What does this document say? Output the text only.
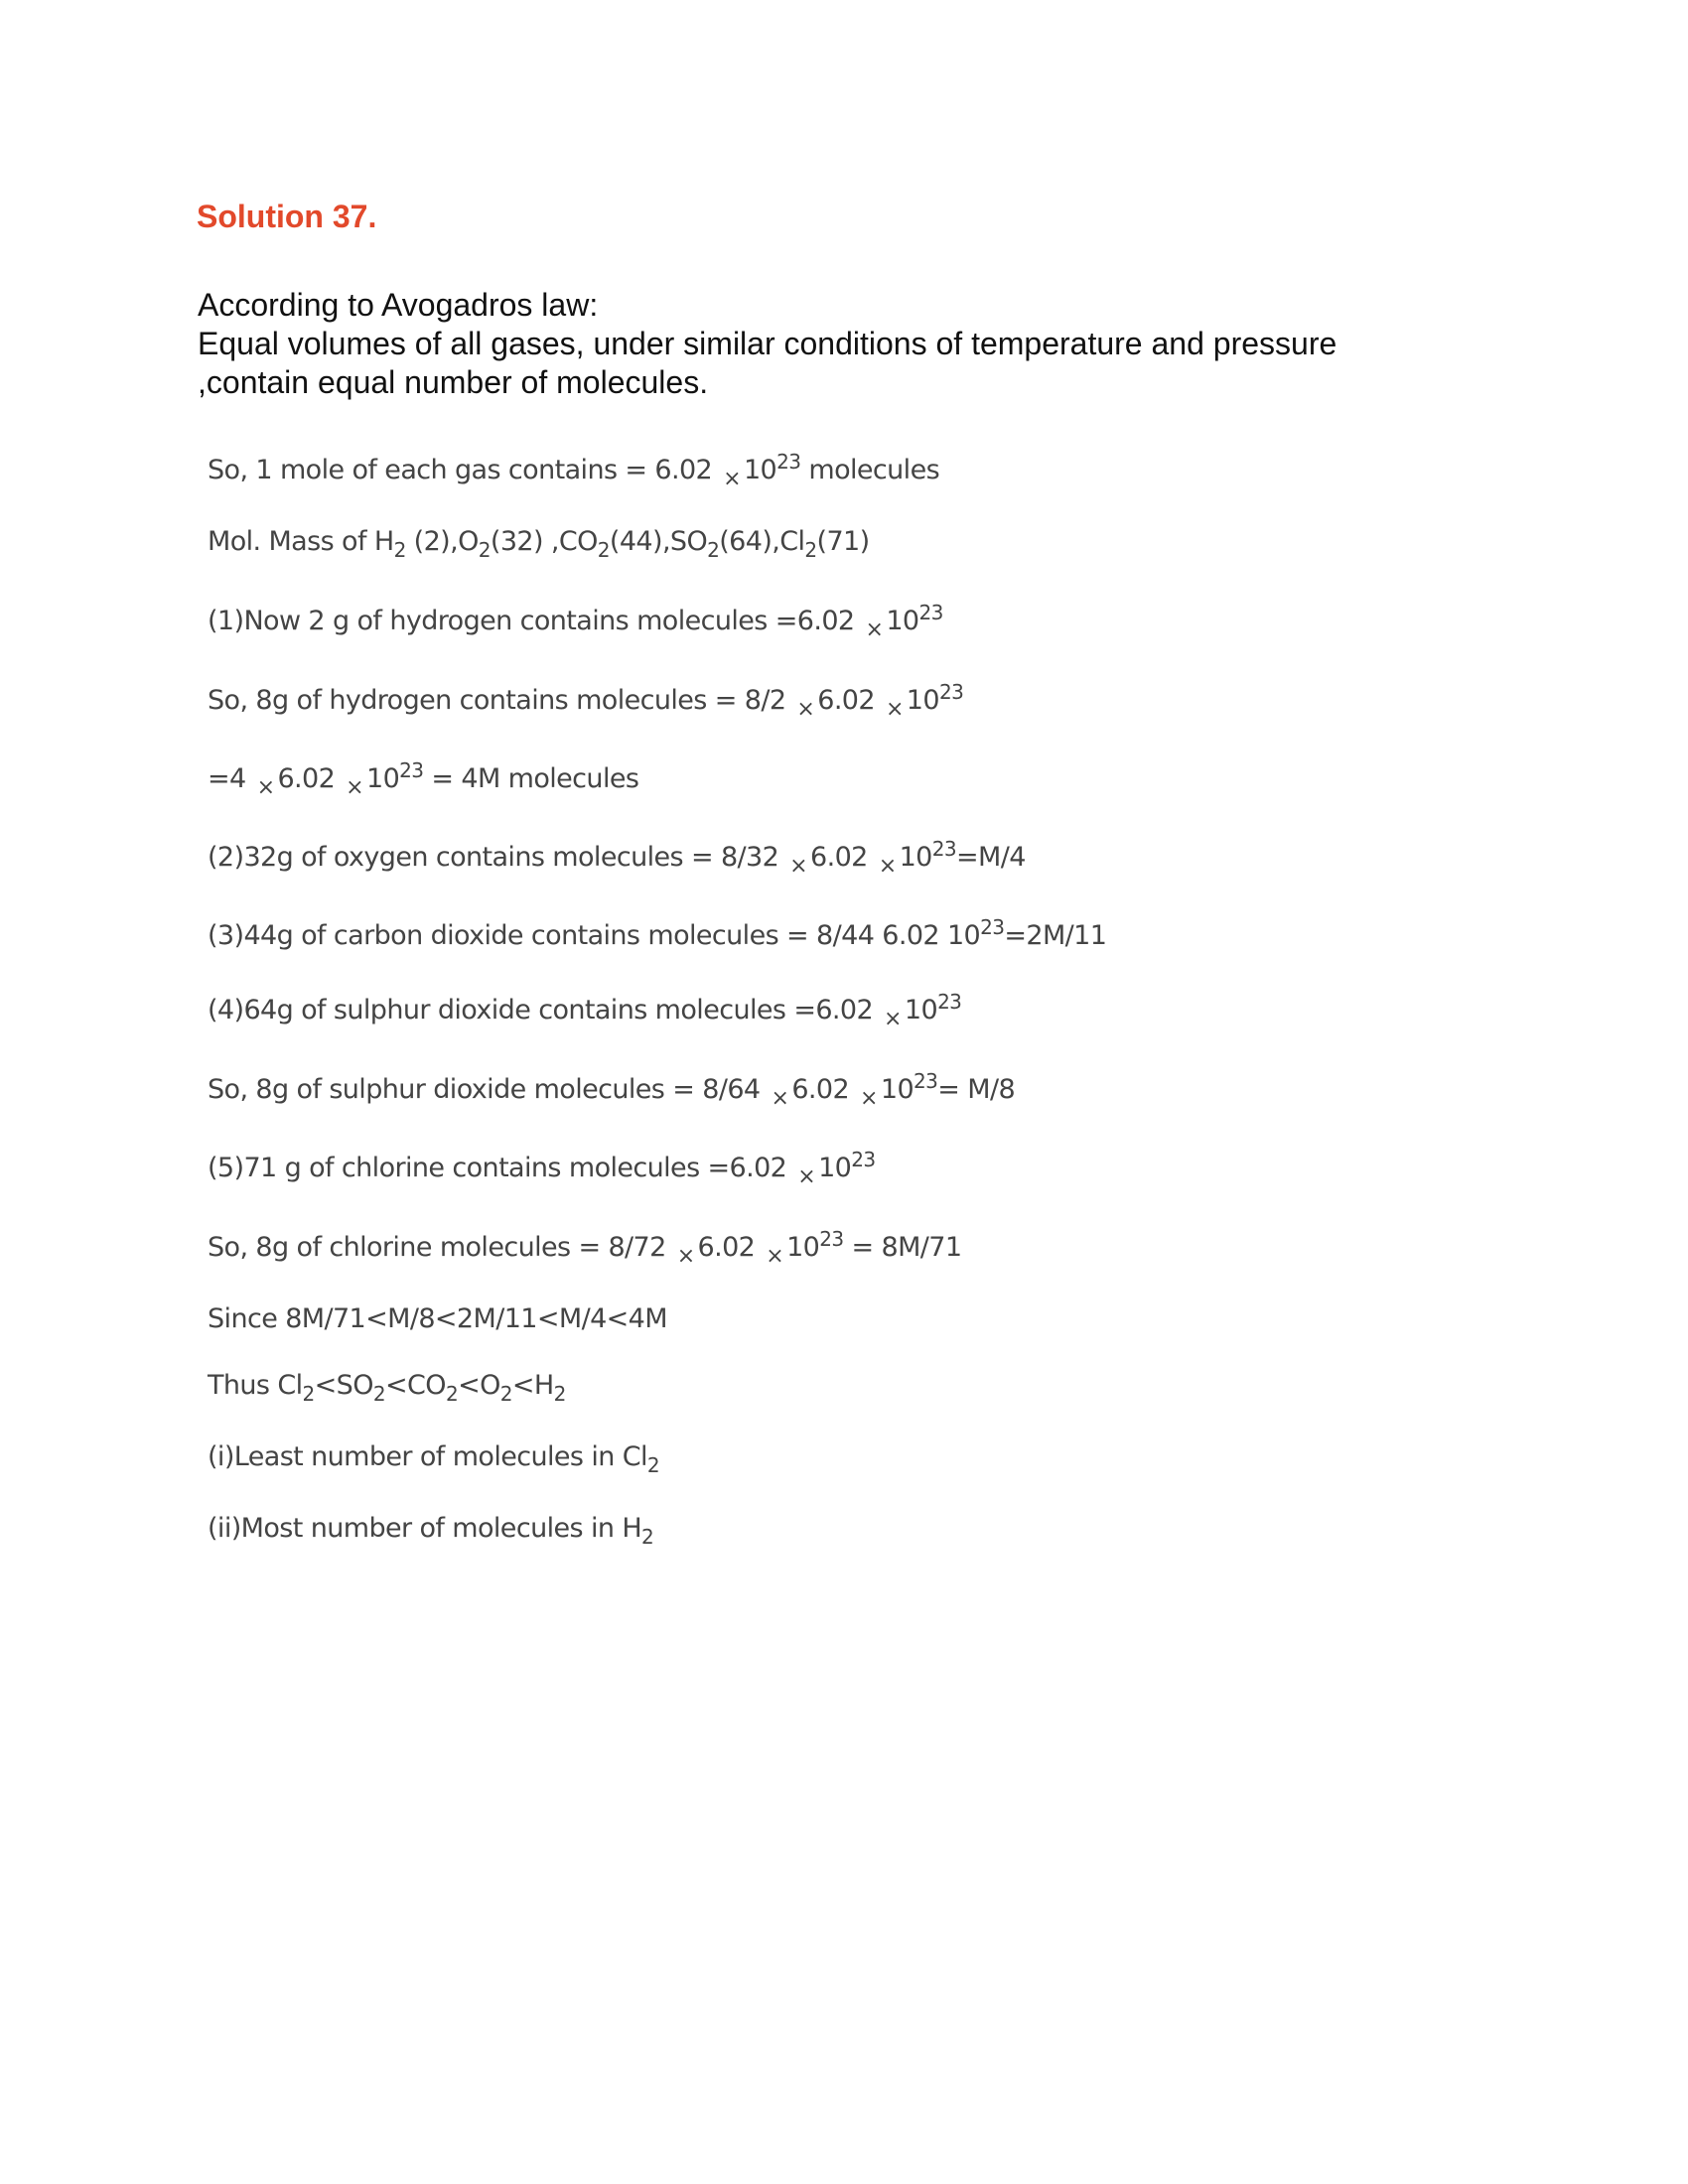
Solution 37.
According to Avogadros law:
Equal volumes of all gases, under similar conditions of temperature and pressure
,contain equal number of molecules.
So, 1 mole of each gas contains = $6.02 \times 10^{23}$ molecules
Mol. Mass of $H_2$ $(2),O_2(32)$ $,CO_2(44),SO_2(64),Cl_2(71)$
(1)Now 2 g of hydrogen contains molecules $=6.02 \times 10^{23}$
So, 8g of hydrogen contains molecules = $8/2 \times 6.02 \times 10^{23}$
$=4 \times 6.02 \times 10^{23} = 4M$ molecules
(2)32g of oxygen contains molecules = $8/32 \times 6.02 \times 10^{23}=M/4$
(3)44g of carbon dioxide contains molecules = 8/44 6.02 $10^{23}=2M/11$
(4)64g of sulphur dioxide contains molecules $=6.02 \times 10^{23}$
So, 8g of sulphur dioxide molecules = $8/64 \times 6.02 \times 10^{23}= M/8$
(5)71 g of chlorine contains molecules $=6.02 \times 10^{23}$
So, 8g of chlorine molecules = $8/72 \times 6.02 \times 10^{23} = 8M/71$
Since 8M/71<M/8<2M/11<M/4<4M
Thus $Cl_2<SO_2<CO_2<O_2<H_2$
(i)Least number of molecules in $Cl_2$
(ii)Most number of molecules in $H_2$
